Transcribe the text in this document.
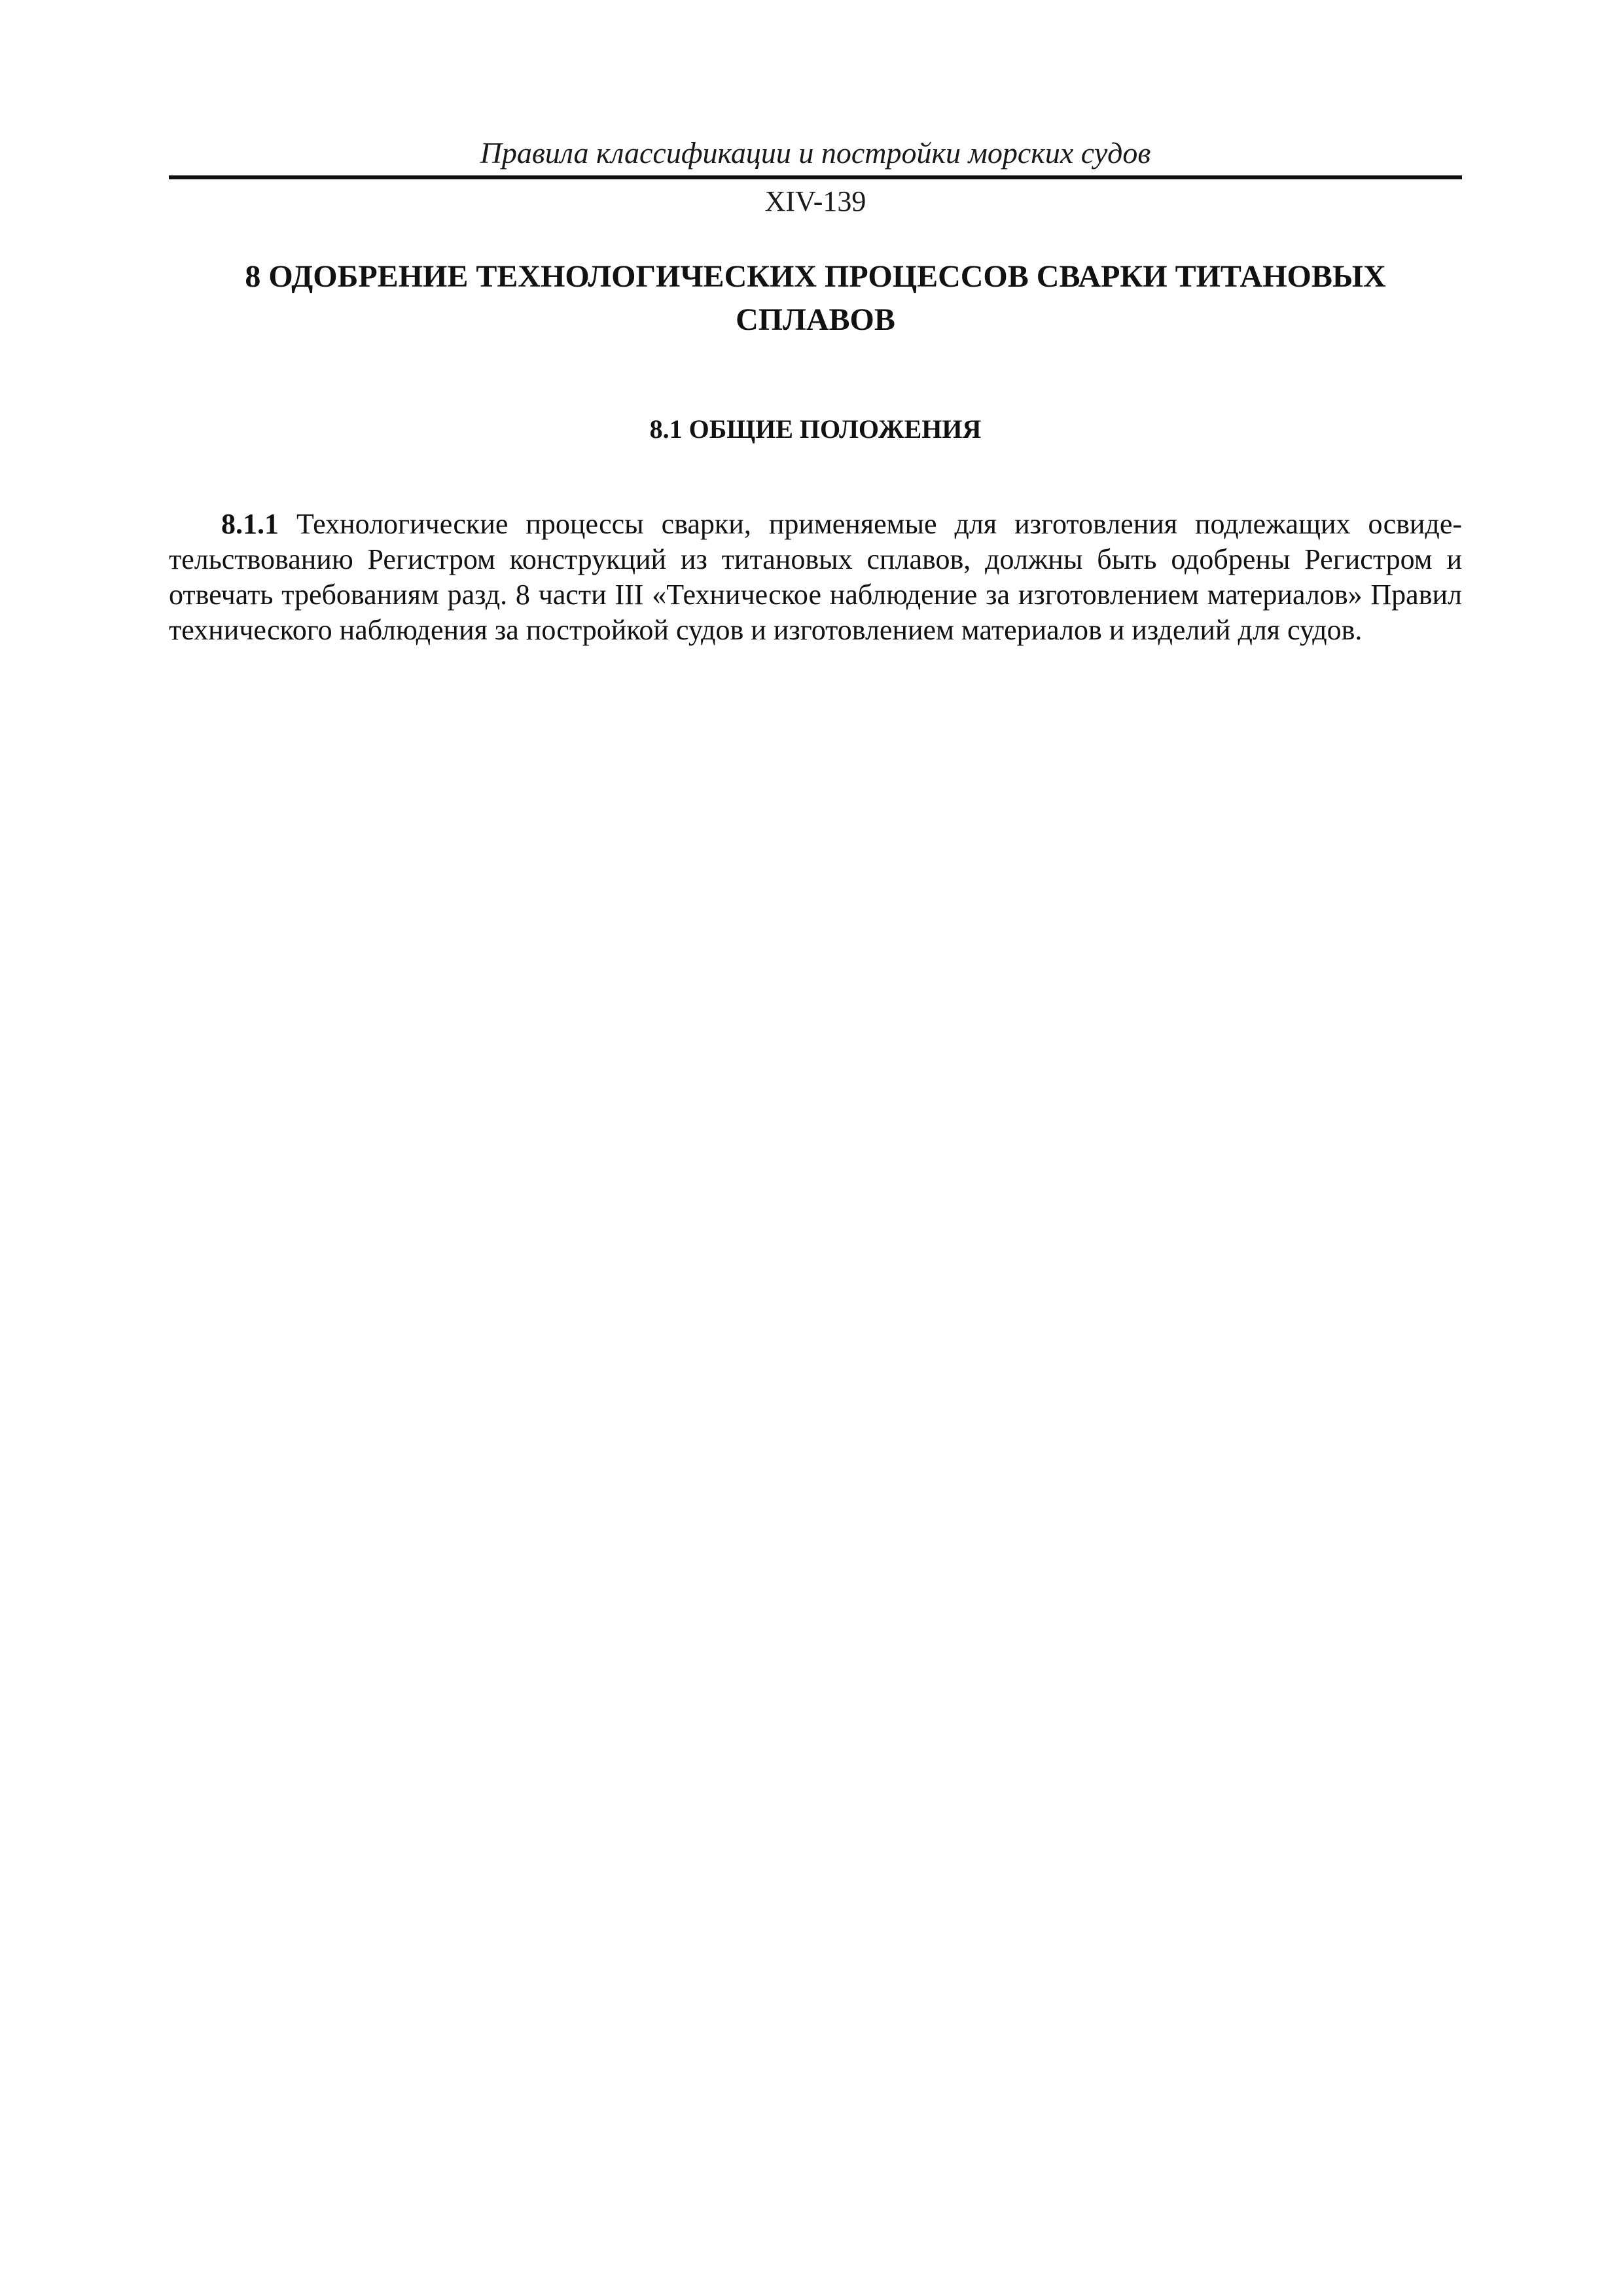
Правила классификации и постройки морских судов
XIV-139
8 ОДОБРЕНИЕ ТЕХНОЛОГИЧЕСКИХ ПРОЦЕССОВ СВАРКИ ТИТАНОВЫХ СПЛАВОВ
8.1 ОБЩИЕ ПОЛОЖЕНИЯ

8.1.1 Технологические процессы сварки, применяемые для изготовления подлежащих освидетельствованию Регистром конструкций из титановых сплавов, должны быть одобрены Регистром и отвечать требованиям разд. 8 части III «Техническое наблюдение за изготовлением материалов» Правил технического наблюдения за постройкой судов и изготовлением материалов и изделий для судов.
